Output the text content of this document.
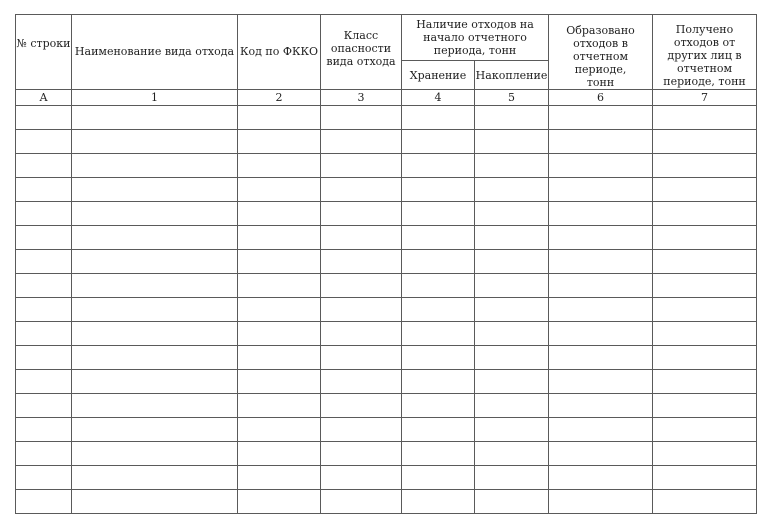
№ строки	Наименование вида отхода	Код по ФККО	Класс опасности вида отхода	Наличие отходов на начало отчетного периода, тонн		Образовано отходов в отчетном периоде, тонн	Получено отходов от других лиц в отчетном периоде, тонн
				Хранение	Накопление		
А	1	2	3	4	5	6	7
